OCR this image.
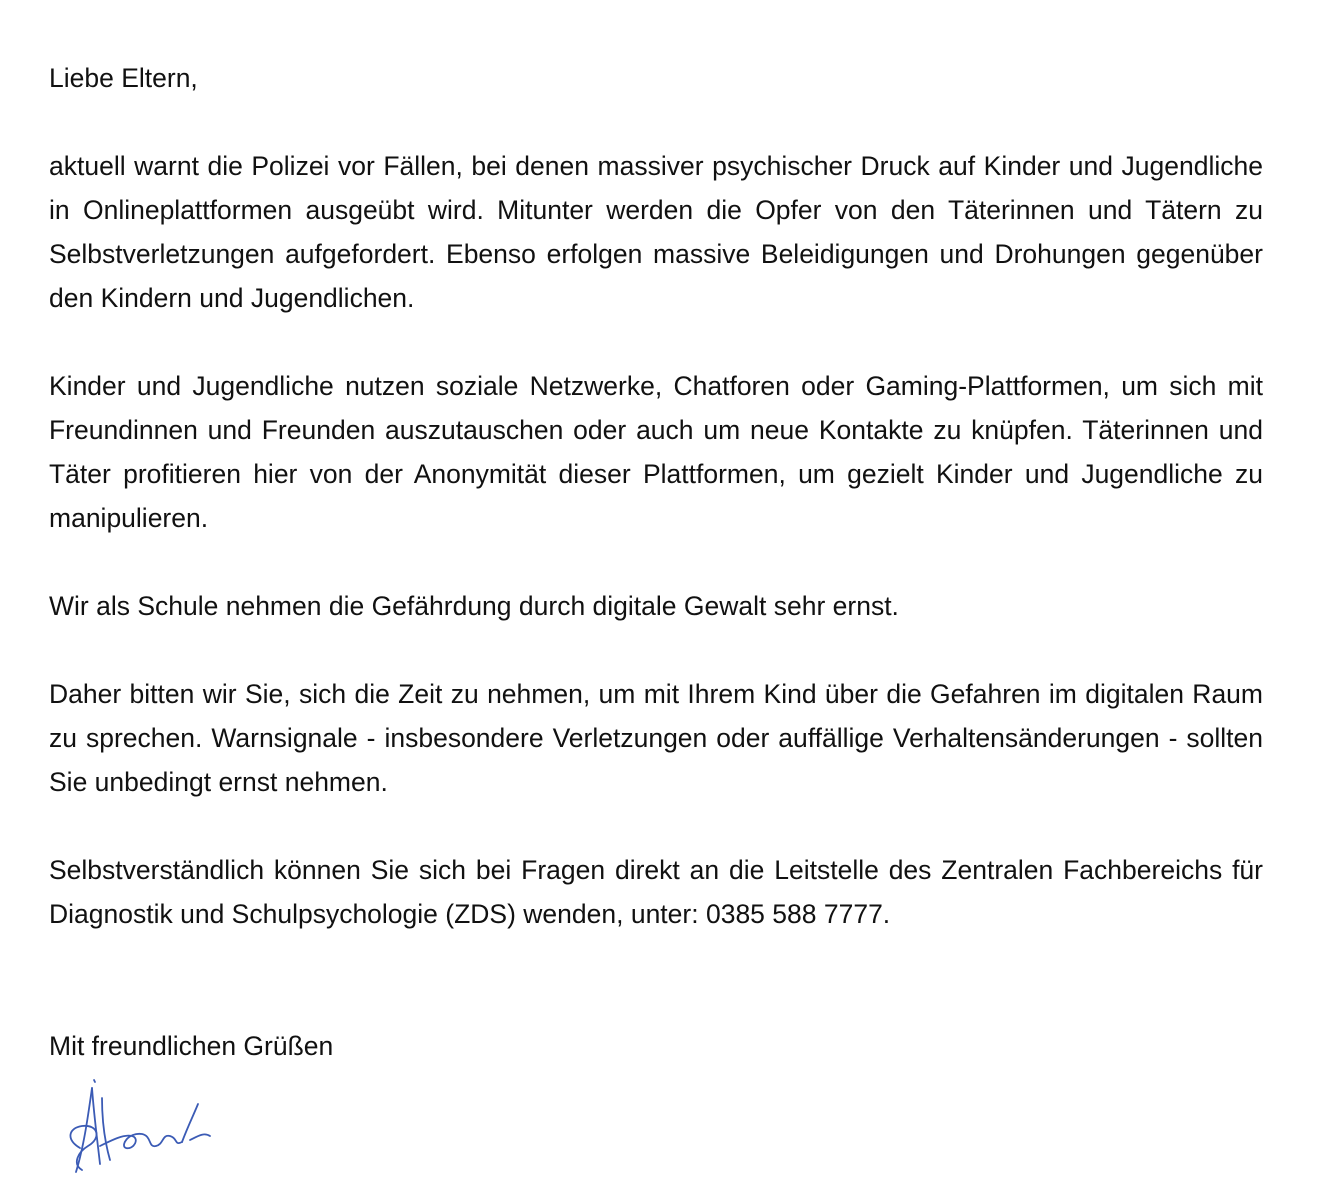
Liebe Eltern,

aktuell warnt die Polizei vor Fällen, bei denen massiver psychischer Druck auf Kinder und Jugendliche in Onlineplattformen ausgeübt wird. Mitunter werden die Opfer von den Täterinnen und Tätern zu Selbstverletzungen aufgefordert. Ebenso erfolgen massive Beleidigungen und Drohungen gegenüber den Kindern und Jugendlichen.

Kinder und Jugendliche nutzen soziale Netzwerke, Chatforen oder Gaming-Plattformen, um sich mit Freundinnen und Freunden auszutauschen oder auch um neue Kontakte zu knüpfen. Täterinnen und Täter profitieren hier von der Anonymität dieser Plattformen, um gezielt Kinder und Jugendliche zu manipulieren.

Wir als Schule nehmen die Gefährdung durch digitale Gewalt sehr ernst.

Daher bitten wir Sie, sich die Zeit zu nehmen, um mit Ihrem Kind über die Gefahren im digitalen Raum zu sprechen. Warnsignale - insbesondere Verletzungen oder auffällige Verhaltensänderungen - sollten Sie unbedingt ernst nehmen.

Selbstverständlich können Sie sich bei Fragen direkt an die Leitstelle des Zentralen Fachbereichs für Diagnostik und Schulpsychologie (ZDS) wenden, unter: 0385 588 7777.

Mit freundlichen Grüßen
